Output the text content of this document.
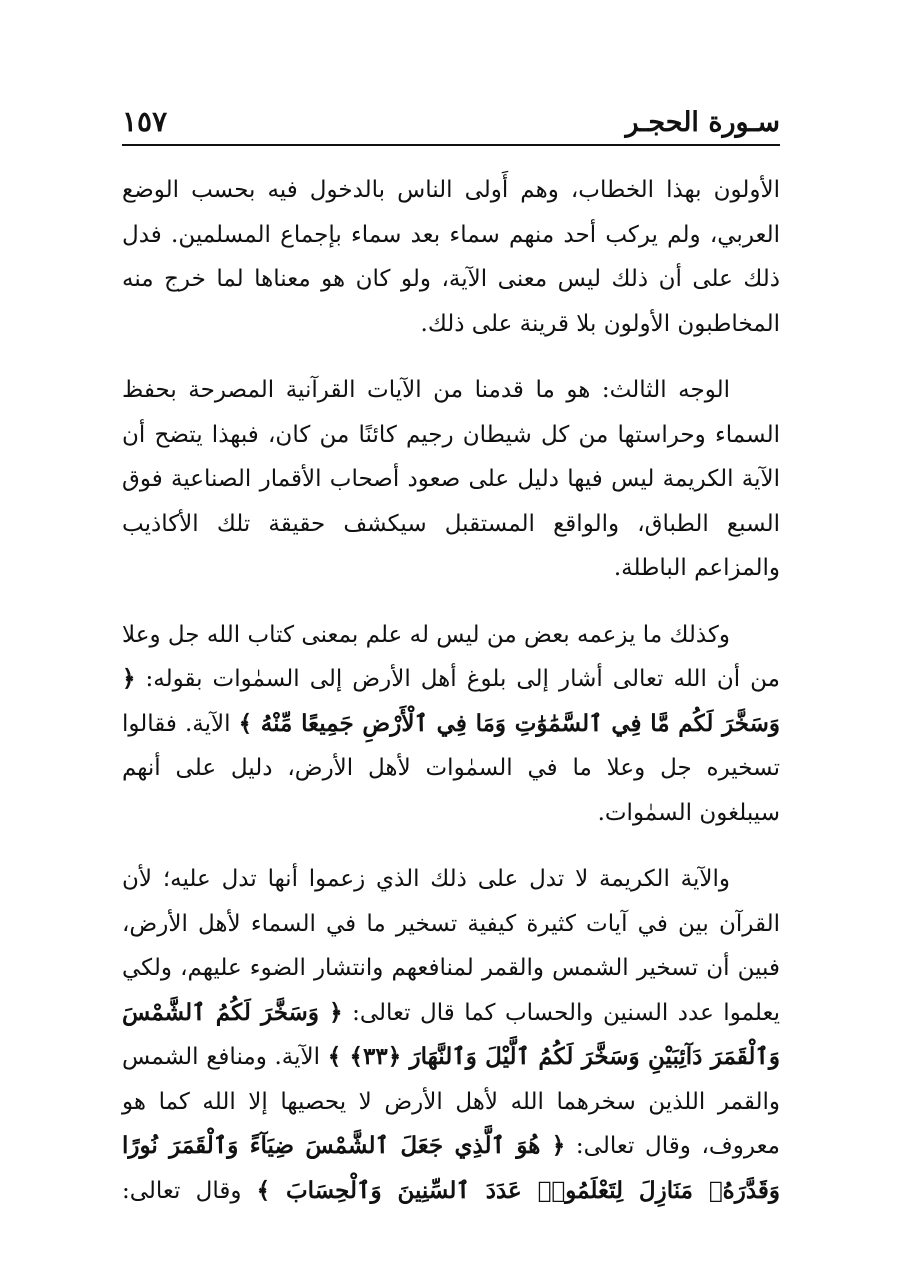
سـورة الحجـر
١٥٧

الأولون بهذا الخطاب، وهم أَولى الناس بالدخول فيه بحسب الوضع العربي، ولم يركب أحد منهم سماء بعد سماء بإجماع المسلمين. فدل ذلك على أن ذلك ليس معنى الآية، ولو كان هو معناها لما خرج منه المخاطبون الأولون بلا قرينة على ذلك.

الوجه الثالث: هو ما قدمنا من الآيات القرآنية المصرحة بحفظ السماء وحراستها من كل شيطان رجيم كائنًا من كان، فبهذا يتضح أن الآية الكريمة ليس فيها دليل على صعود أصحاب الأقمار الصناعية فوق السبع الطباق، والواقع المستقبل سيكشف حقيقة تلك الأكاذيب والمزاعم الباطلة.

وكذلك ما يزعمه بعض من ليس له علم بمعنى كتاب الله جل وعلا من أن الله تعالى أشار إلى بلوغ أهل الأرض إلى السمٰوات بقوله: ﴿ وَسَخَّرَ لَكُم مَّا فِي ٱلسَّمَٰوَٰتِ وَمَا فِي ٱلْأَرْضِ جَمِيعًا مِّنْهُ ﴾ الآية. فقالوا تسخيره جل وعلا ما في السمٰوات لأهل الأرض، دليل على أنهم سيبلغون السمٰوات.

والآية الكريمة لا تدل على ذلك الذي زعموا أنها تدل عليه؛ لأن القرآن بين في آيات كثيرة كيفية تسخير ما في السماء لأهل الأرض، فبين أن تسخير الشمس والقمر لمنافعهم وانتشار الضوء عليهم، ولكي يعلموا عدد السنين والحساب كما قال تعالى: ﴿ وَسَخَّرَ لَكُمُ ٱلشَّمْسَ وَٱلْقَمَرَ دَآئِبَيْنِ وَسَخَّرَ لَكُمُ ٱلَّيْلَ وَٱلنَّهَارَ ﴿٣٣﴾ ﴾ الآية. ومنافع الشمس والقمر اللذين سخرهما الله لأهل الأرض لا يحصيها إلا الله كما هو معروف، وقال تعالى: ﴿ هُوَ ٱلَّذِي جَعَلَ ٱلشَّمْسَ ضِيَآءً وَٱلْقَمَرَ نُورًا وَقَدَّرَهُۥ مَنَازِلَ لِتَعْلَمُوا۟ عَدَدَ ٱلسِّنِينَ وَٱلْحِسَابَ ﴾ وقال تعالى:
